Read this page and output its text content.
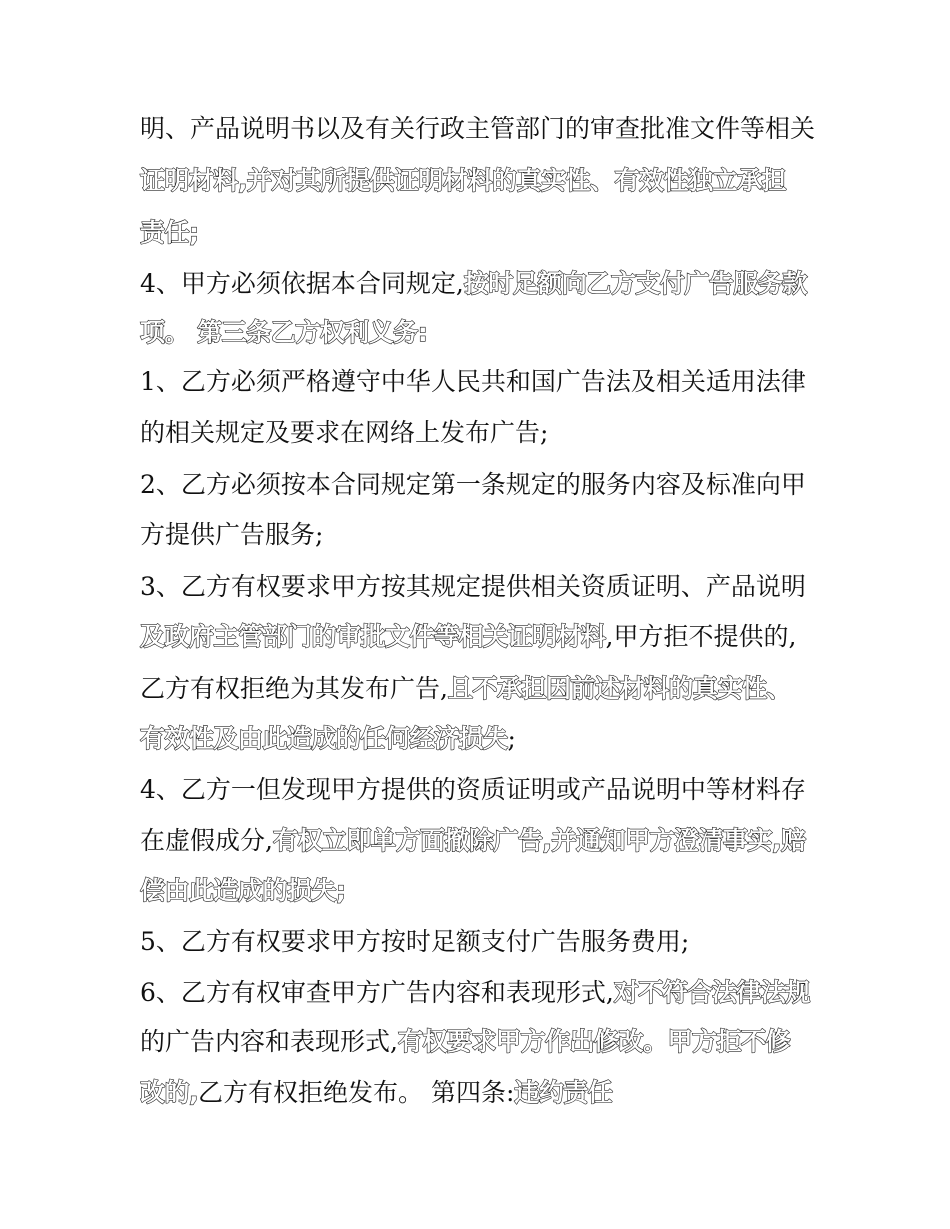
明、产品说明书以及有关行政主管部门的审查批准文件等相关
证明材料,并对其所提供证明材料的真实性、有效性独立承担
责任;
4、甲方必须依据本合同规定,按时足额向乙方支付广告服务款
项。 第三条乙方权利义务:
1、乙方必须严格遵守中华人民共和国广告法及相关适用法律
的相关规定及要求在网络上发布广告;
2、乙方必须按本合同规定第一条规定的服务内容及标准向甲
方提供广告服务;
3、乙方有权要求甲方按其规定提供相关资质证明、产品说明
及政府主管部门的审批文件等相关证明材料,甲方拒不提供的,
乙方有权拒绝为其发布广告,且不承担因前述材料的真实性、
有效性及由此造成的任何经济损失;
4、乙方一但发现甲方提供的资质证明或产品说明中等材料存
在虚假成分,有权立即单方面撤除广告,并通知甲方澄清事实,赔
偿由此造成的损失;
5、乙方有权要求甲方按时足额支付广告服务费用;
6、乙方有权审查甲方广告内容和表现形式,对不符合法律法规
的广告内容和表现形式,有权要求甲方作出修改。甲方拒不修
改的,乙方有权拒绝发布。 第四条:违约责任
